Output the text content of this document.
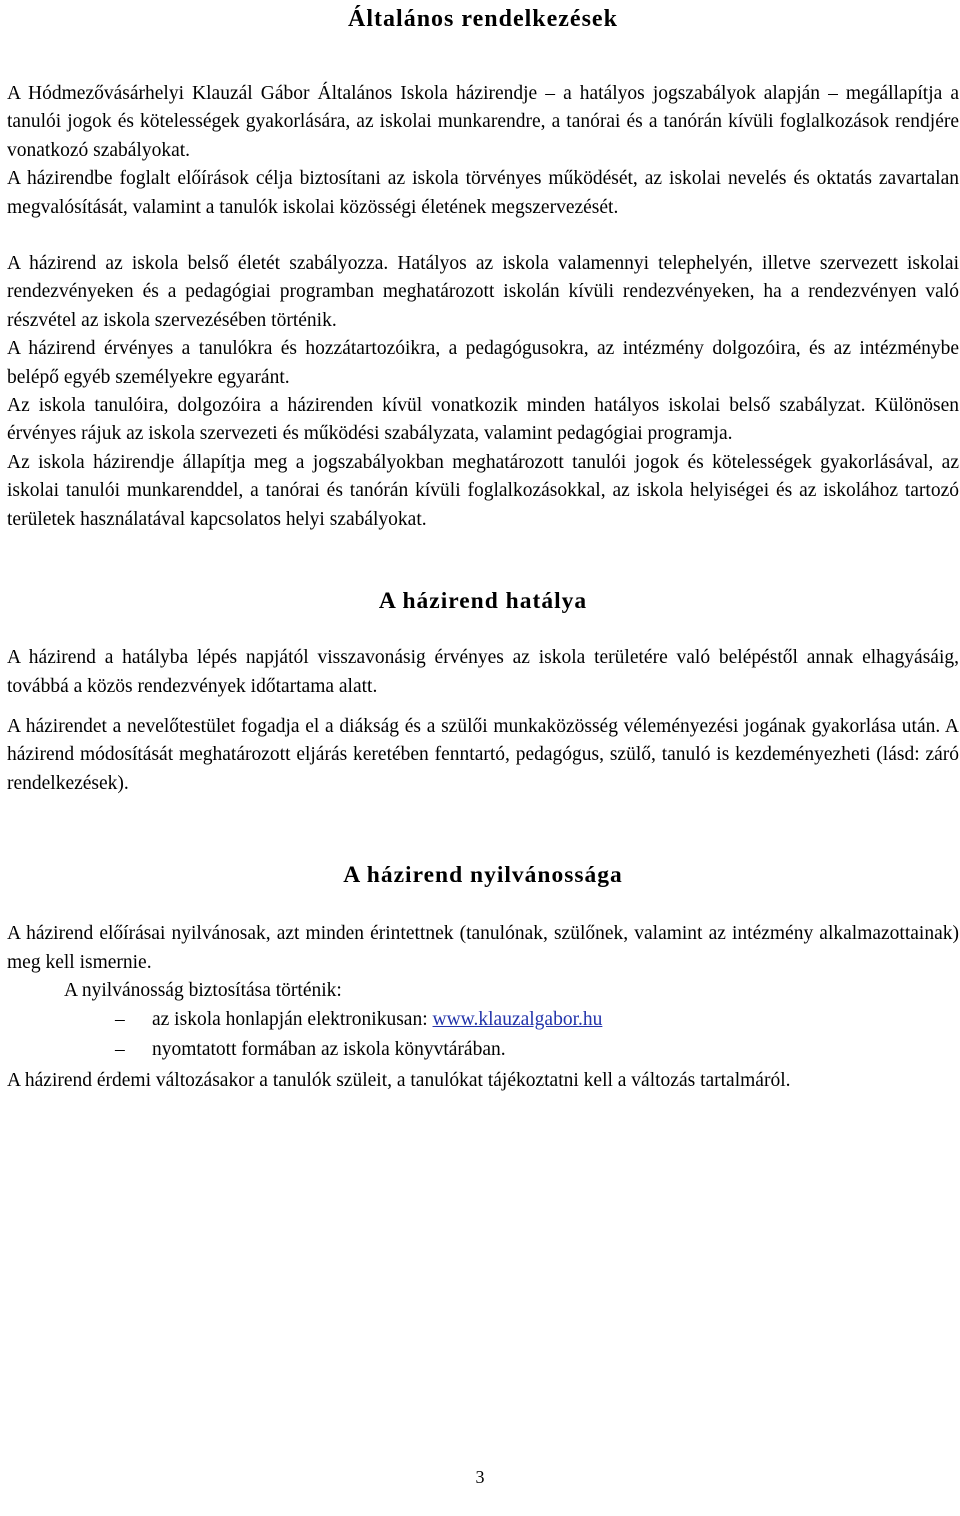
Általános rendelkezések

A Hódmezővásárhelyi Klauzál Gábor Általános Iskola házirendje – a hatályos jogszabályok alapján – megállapítja a tanulói jogok és kötelességek gyakorlására, az iskolai munkarendre, a tanórai és a tanórán kívüli foglalkozások rendjére vonatkozó szabályokat.

A házirendbe foglalt előírások célja biztosítani az iskola törvényes működését, az iskolai nevelés és oktatás zavartalan megvalósítását, valamint a tanulók iskolai közösségi életének megszervezését.

A házirend az iskola belső életét szabályozza. Hatályos az iskola valamennyi telephelyén, illetve szervezett iskolai rendezvényeken és a pedagógiai programban meghatározott iskolán kívüli rendezvényeken, ha a rendezvényen való részvétel az iskola szervezésében történik.

A házirend érvényes a tanulókra és hozzátartozóikra, a pedagógusokra, az intézmény dolgozóira, és az intézménybe belépő egyéb személyekre egyaránt.

Az iskola tanulóira, dolgozóira a házirenden kívül vonatkozik minden hatályos iskolai belső szabályzat. Különösen érvényes rájuk az iskola szervezeti és működési szabályzata, valamint pedagógiai programja.

Az iskola házirendje állapítja meg a jogszabályokban meghatározott tanulói jogok és kötelességek gyakorlásával, az iskolai tanulói munkarenddel, a tanórai és tanórán kívüli foglalkozásokkal, az iskola helyiségei és az iskolához tartozó területek használatával kapcsolatos helyi szabályokat.

A házirend hatálya

A házirend a hatályba lépés napjától visszavonásig érvényes az iskola területére való belépéstől annak elhagyásáig, továbbá a közös rendezvények időtartama alatt.

A házirendet a nevelőtestület fogadja el a diákság és a szülői munkaközösség véleményezési jogának gyakorlása után. A házirend módosítását meghatározott eljárás keretében fenntartó, pedagógus, szülő, tanuló is kezdeményezheti (lásd: záró rendelkezések).

A házirend nyilvánossága

A házirend előírásai nyilvánosak, azt minden érintettnek (tanulónak, szülőnek, valamint az intézmény alkalmazottainak) meg kell ismernie.

A nyilvánosság biztosítása történik:

– az iskola honlapján elektronikusan: www.klauzalgabor.hu
– nyomtatott formában az iskola könyvtárában.

A házirend érdemi változásakor a tanulók szüleit, a tanulókat tájékoztatni kell a változás tartalmáról.

3
